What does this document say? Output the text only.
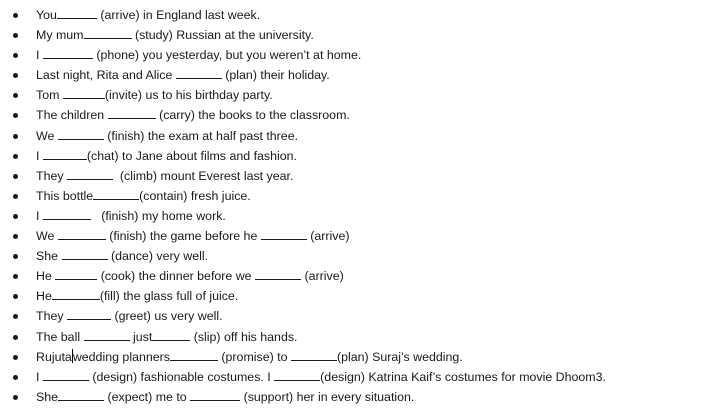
You	(arrive) in England last week.
My mum	(study) Russian at the university.
I	(phone) you yesterday, but you weren’t at home.
Last night, Rita and Alice	(plan) their holiday.
Tom	(invite) us to his birthday party.
The children	(carry) the books to the classroom.
We	(finish) the exam at half past three.
I	(chat) to Jane about films and fashion.
They	(climb) mount Everest last year.
This bottle	(contain) fresh juice.
I	(finish) my home work.
We	(finish) the game before he	(arrive)
She	(dance) very well.
He	(cook) the dinner before we	(arrive)
He	(fill) the glass full of juice.
They	(greet) us very well.
The ball	just	(slip) off his hands.
Rujutawedding planners	(promise) to	(plan) Suraj’s wedding.
I	(design) fashionable costumes. I	(design) Katrina Kaif’s costumes for movie Dhoom3.
She	(expect) me to	(support) her in every situation.
